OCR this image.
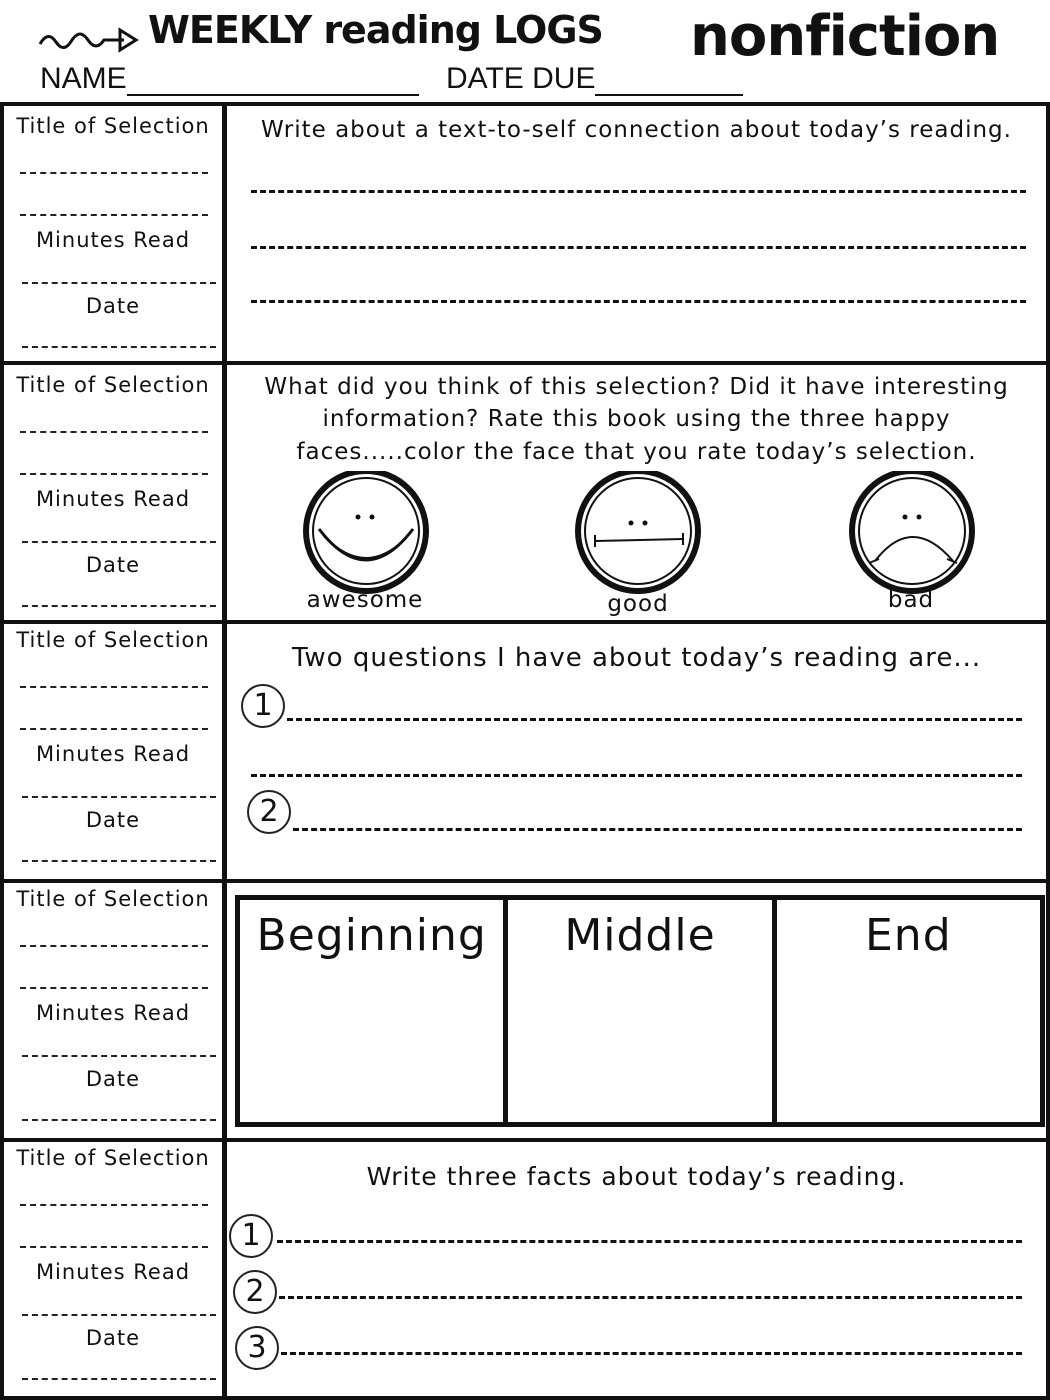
WEEKLY reading LOGS nonfiction
NAME	DATE DUE
Title of Selection
Minutes Read
Date
Write about a text-to-self connection about today’s reading.
Title of Selection
Minutes Read
Date
What did you think of this selection? Did it have interesting
information? Rate this book using the three happy
faces.....color the face that you rate today’s selection.
awesome	good	bad
Title of Selection
Minutes Read
Date
Two questions I have about today’s reading are...
1
2
Title of Selection
Minutes Read
Date
Beginning	Middle	End
Title of Selection
Minutes Read
Date
Write three facts about today’s reading.
1
2
3
